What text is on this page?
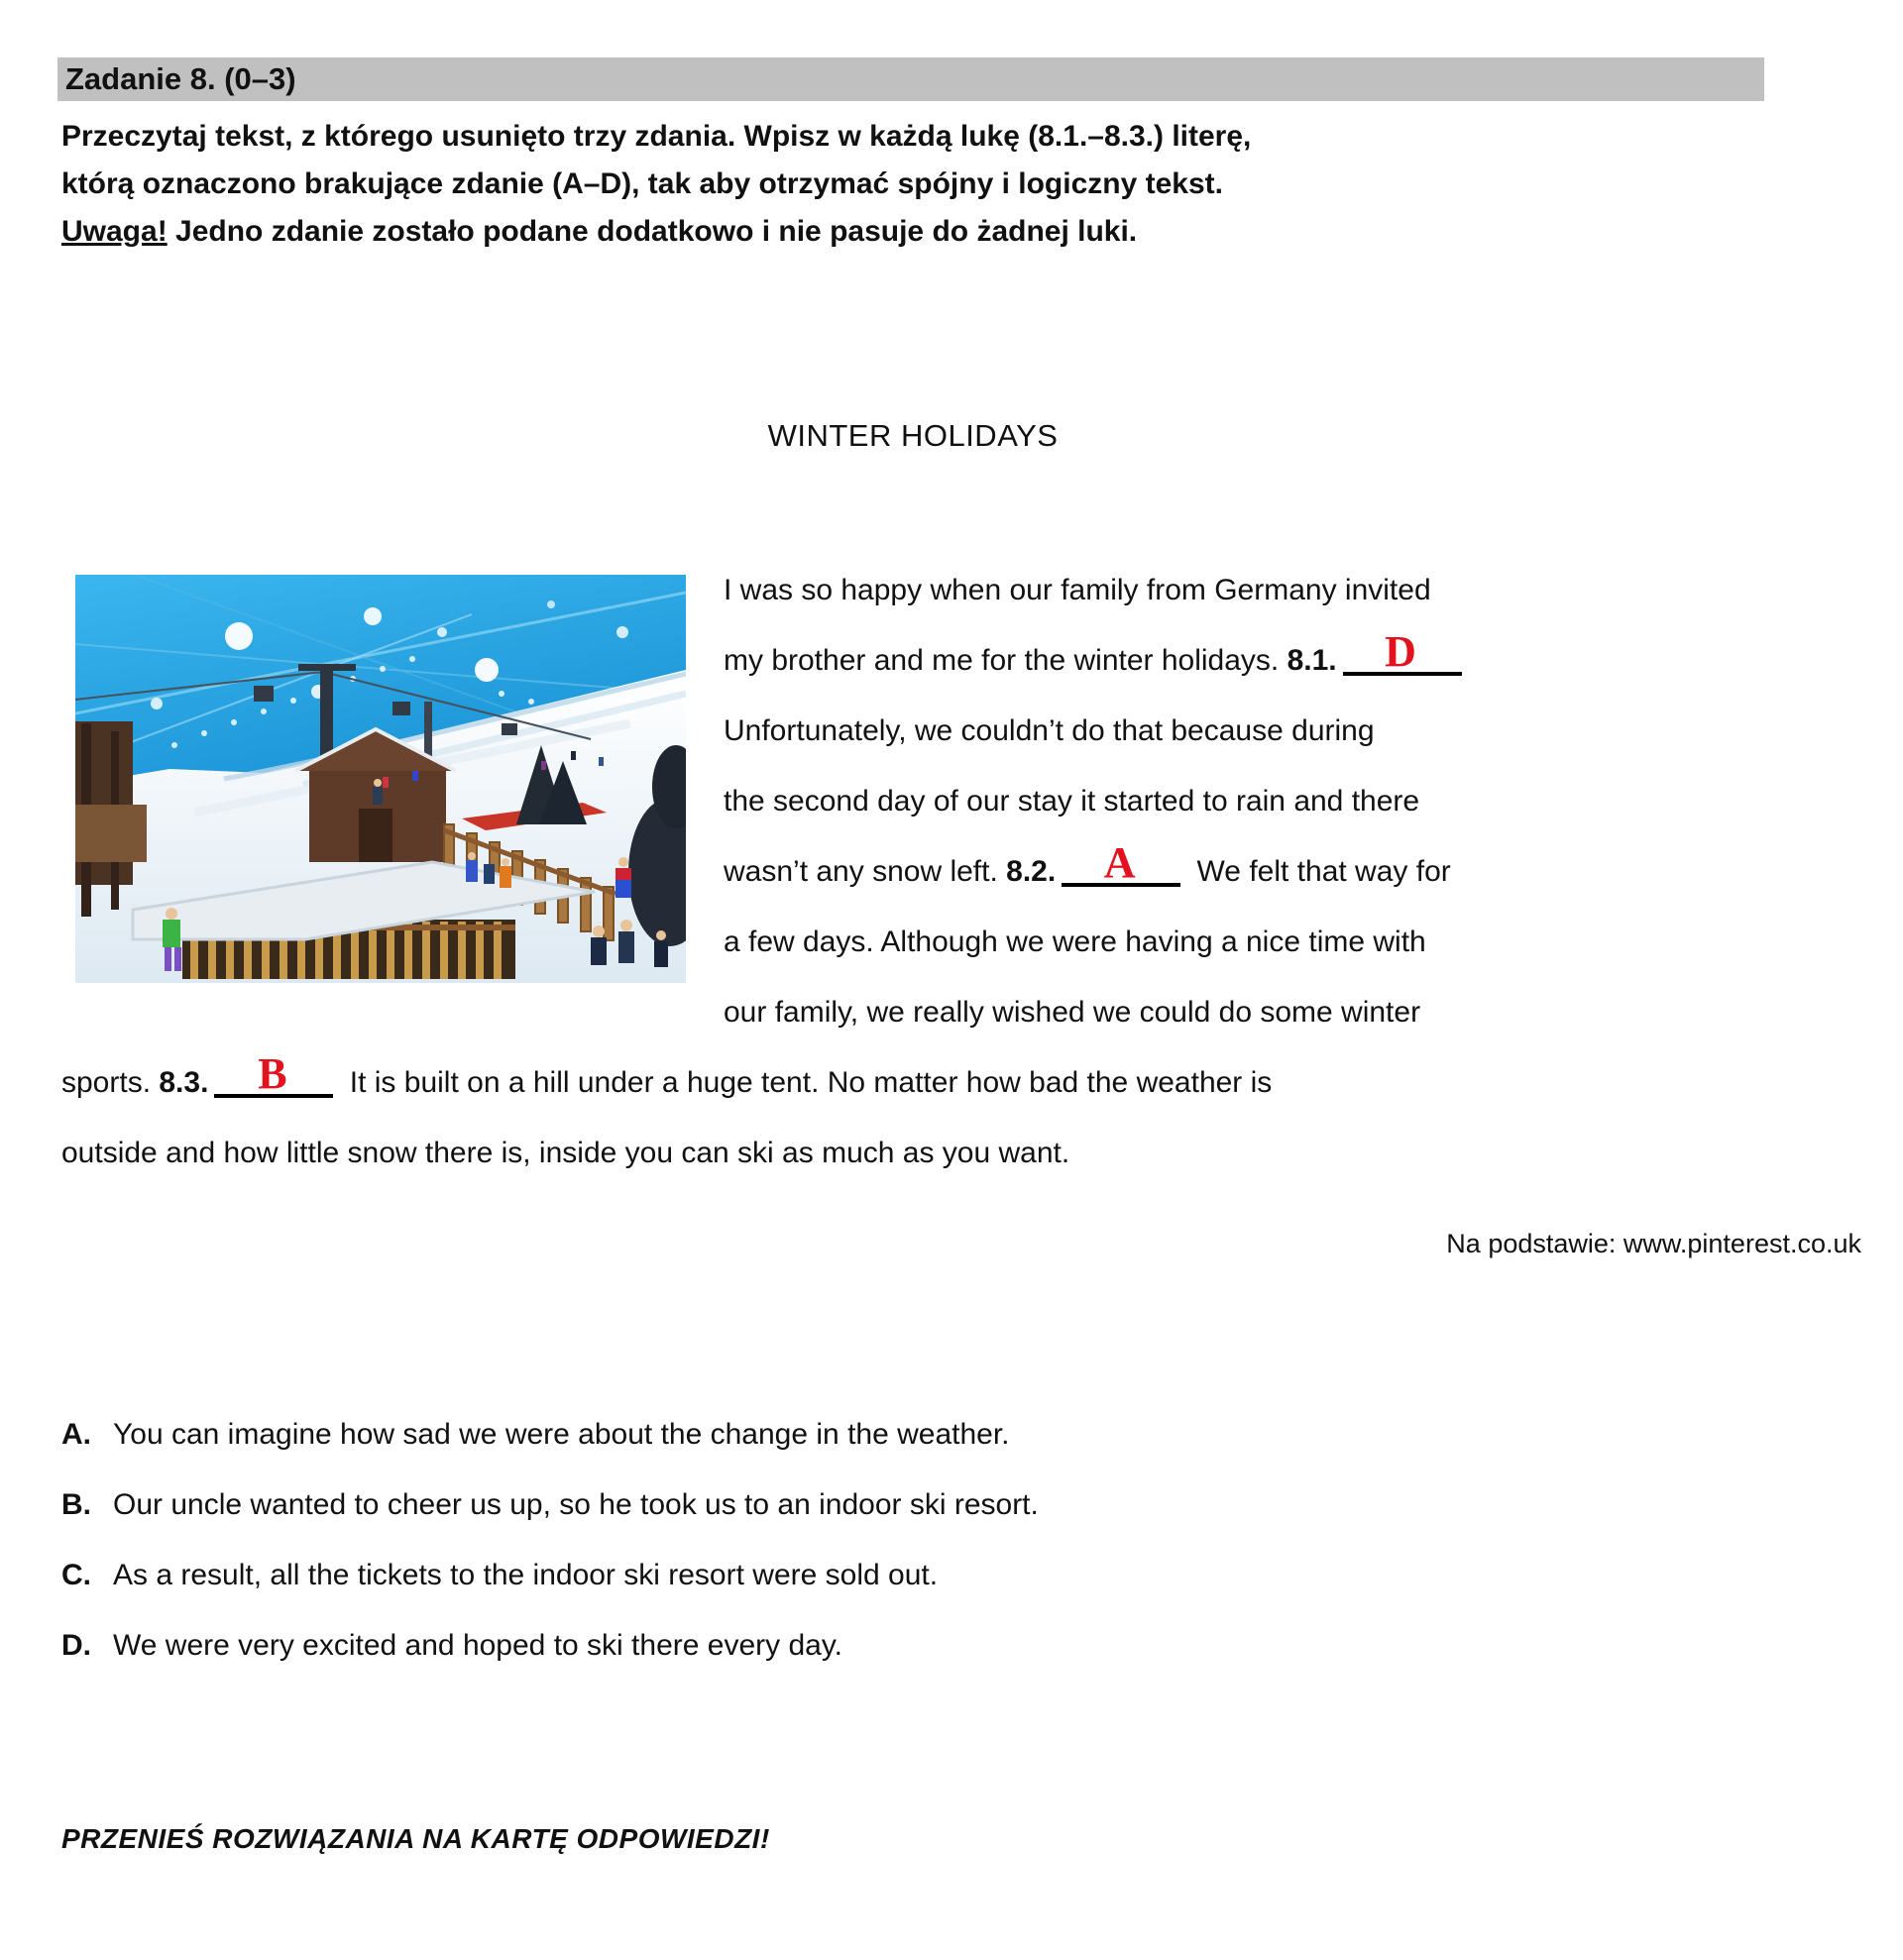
Zadanie 8. (0–3)
Przeczytaj tekst, z którego usunięto trzy zdania. Wpisz w każdą lukę (8.1.–8.3.) literę,
którą oznaczono brakujące zdanie (A–D), tak aby otrzymać spójny i logiczny tekst.
Uwaga! Jedno zdanie zostało podane dodatkowo i nie pasuje do żadnej luki.
WINTER HOLIDAYS
I was so happy when our family from Germany invited
my brother and me for the winter holidays. 8.1. D
Unfortunately, we couldn’t do that because during
the second day of our stay it started to rain and there
wasn’t any snow left. 8.2. A We felt that way for
a few days. Although we were having a nice time with
our family, we really wished we could do some winter
sports. 8.3. B It is built on a hill under a huge tent. No matter how bad the weather is
outside and how little snow there is, inside you can ski as much as you want.
Na podstawie: www.pinterest.co.uk
A. You can imagine how sad we were about the change in the weather.
B. Our uncle wanted to cheer us up, so he took us to an indoor ski resort.
C. As a result, all the tickets to the indoor ski resort were sold out.
D. We were very excited and hoped to ski there every day.
PRZENIEŚ ROZWIĄZANIA NA KARTĘ ODPOWIEDZI!
